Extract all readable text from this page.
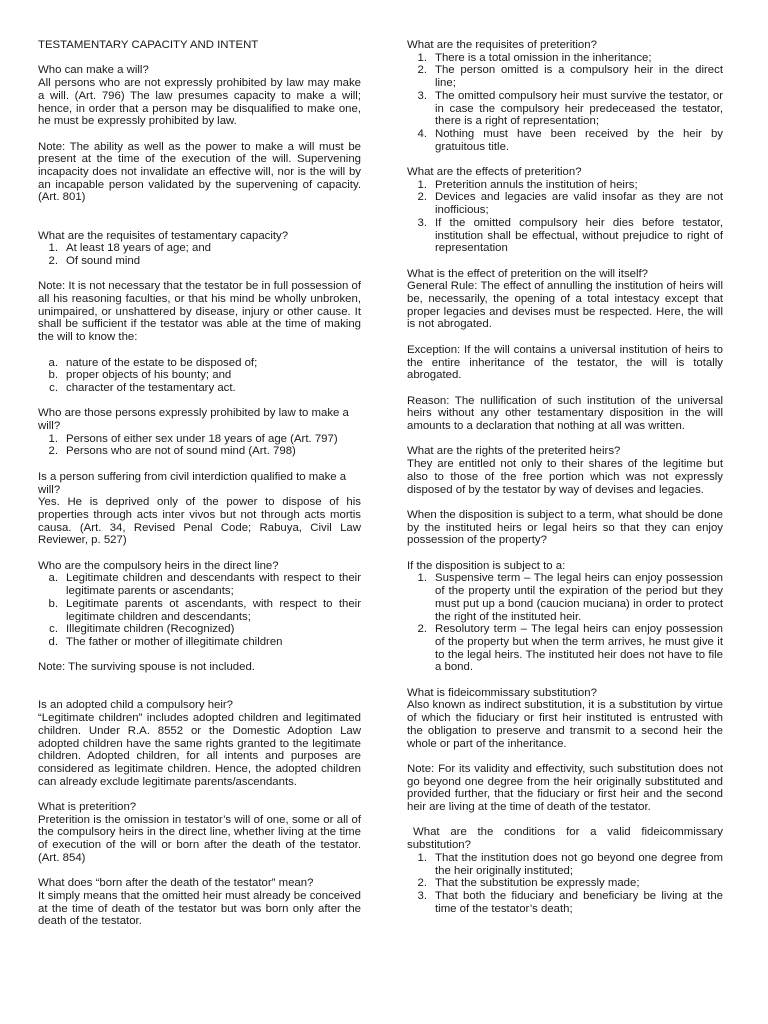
TESTAMENTARY CAPACITY AND INTENT

Who can make a will?

All persons who are not expressly prohibited by law may make a will. (Art. 796) The law presumes capacity to make a will; hence, in order that a person may be disqualified to make one, he must be expressly prohibited by law.

Note: The ability as well as the power to make a will must be present at the time of the execution of the will. Supervening incapacity does not invalidate an effective will, nor is the will by an incapable person validated by the supervening of capacity. (Art. 801)

What are the requisites of testamentary capacity?

1. At least 18 years of age; and
2. Of sound mind

Note: It is not necessary that the testator be in full possession of all his reasoning faculties, or that his mind be wholly unbroken, unimpaired, or unshattered by disease, injury or other cause. It shall be sufficient if the testator was able at the time of making the will to know the:

a. nature of the estate to be disposed of;
b. proper objects of his bounty; and
c. character of the testamentary act.

Who are those persons expressly prohibited by law to make a will?

1. Persons of either sex under 18 years of age (Art. 797)
2. Persons who are not of sound mind (Art. 798)

Is a person suffering from civil interdiction qualified to make a will?

Yes. He is deprived only of the power to dispose of his properties through acts inter vivos but not through acts mortis causa. (Art. 34, Revised Penal Code; Rabuya, Civil Law Reviewer, p. 527)

Who are the compulsory heirs in the direct line?

a. Legitimate children and descendants with respect to their legitimate parents or ascendants;
b. Legitimate parents ot ascendants, with respect to their legitimate children and descendants;
c. Illegitimate children (Recognized)
d. The father or mother of illegitimate children

Note: The surviving spouse is not included.

Is an adopted child a compulsory heir?

“Legitimate children” includes adopted children and legitimated children. Under R.A. 8552 or the Domestic Adoption Law adopted children have the same rights granted to the legitimate children. Adopted children, for all intents and purposes are considered as legitimate children. Hence, the adopted children can already exclude legitimate parents/ascendants.

What is preterition?

Preterition is the omission in testator’s will of one, some or all of the compulsory heirs in the direct line, whether living at the time of execution of the will or born after the death of the testator. (Art. 854)

What does “born after the death of the testator” mean?

It simply means that the omitted heir must already be conceived at the time of death of the testator but was born only after the death of the testator.

What are the requisites of preterition?

1. There is a total omission in the inheritance;
2. The person omitted is a compulsory heir in the direct line;
3. The omitted compulsory heir must survive the testator, or in case the compulsory heir predeceased the testator, there is a right of representation;
4. Nothing must have been received by the heir by gratuitous title.

What are the effects of preterition?

1. Preterition annuls the institution of heirs;
2. Devices and legacies are valid insofar as they are not inofficious;
3. If the omitted compulsory heir dies before testator, institution shall be effectual, without prejudice to right of representation

What is the effect of preterition on the will itself?

General Rule: The effect of annulling the institution of heirs will be, necessarily, the opening of a total intestacy except that proper legacies and devises must be respected. Here, the will is not abrogated.

Exception: If the will contains a universal institution of heirs to the entire inheritance of the testator, the will is totally abrogated.

Reason: The nullification of such institution of the universal heirs without any other testamentary disposition in the will amounts to a declaration that nothing at all was written.

What are the rights of the preterited heirs?

They are entitled not only to their shares of the legitime but also to those of the free portion which was not expressly disposed of by the testator by way of devises and legacies.

When the disposition is subject to a term, what should be done by the instituted heirs or legal heirs so that they can enjoy possession of the property?

If the disposition is subject to a:

1. Suspensive term – The legal heirs can enjoy possession of the property until the expiration of the period but they must put up a bond (caucion muciana) in order to protect the right of the instituted heir.
2. Resolutory term – The legal heirs can enjoy possession of the property but when the term arrives, he must give it to the legal heirs. The instituted heir does not have to file a bond.

What is fideicommissary substitution?

Also known as indirect substitution, it is a substitution by virtue of which the fiduciary or first heir instituted is entrusted with the obligation to preserve and transmit to a second heir the whole or part of the inheritance.

Note: For its validity and effectivity, such substitution does not go beyond one degree from the heir originally substituted and provided further, that the fiduciary or first heir and the second heir are living at the time of death of the testator.

What are the conditions for a valid fideicommissary substitution?

1. That the institution does not go beyond one degree from the heir originally instituted;
2. That the substitution be expressly made;
3. That both the fiduciary and beneficiary be living at the time of the testator’s death;
